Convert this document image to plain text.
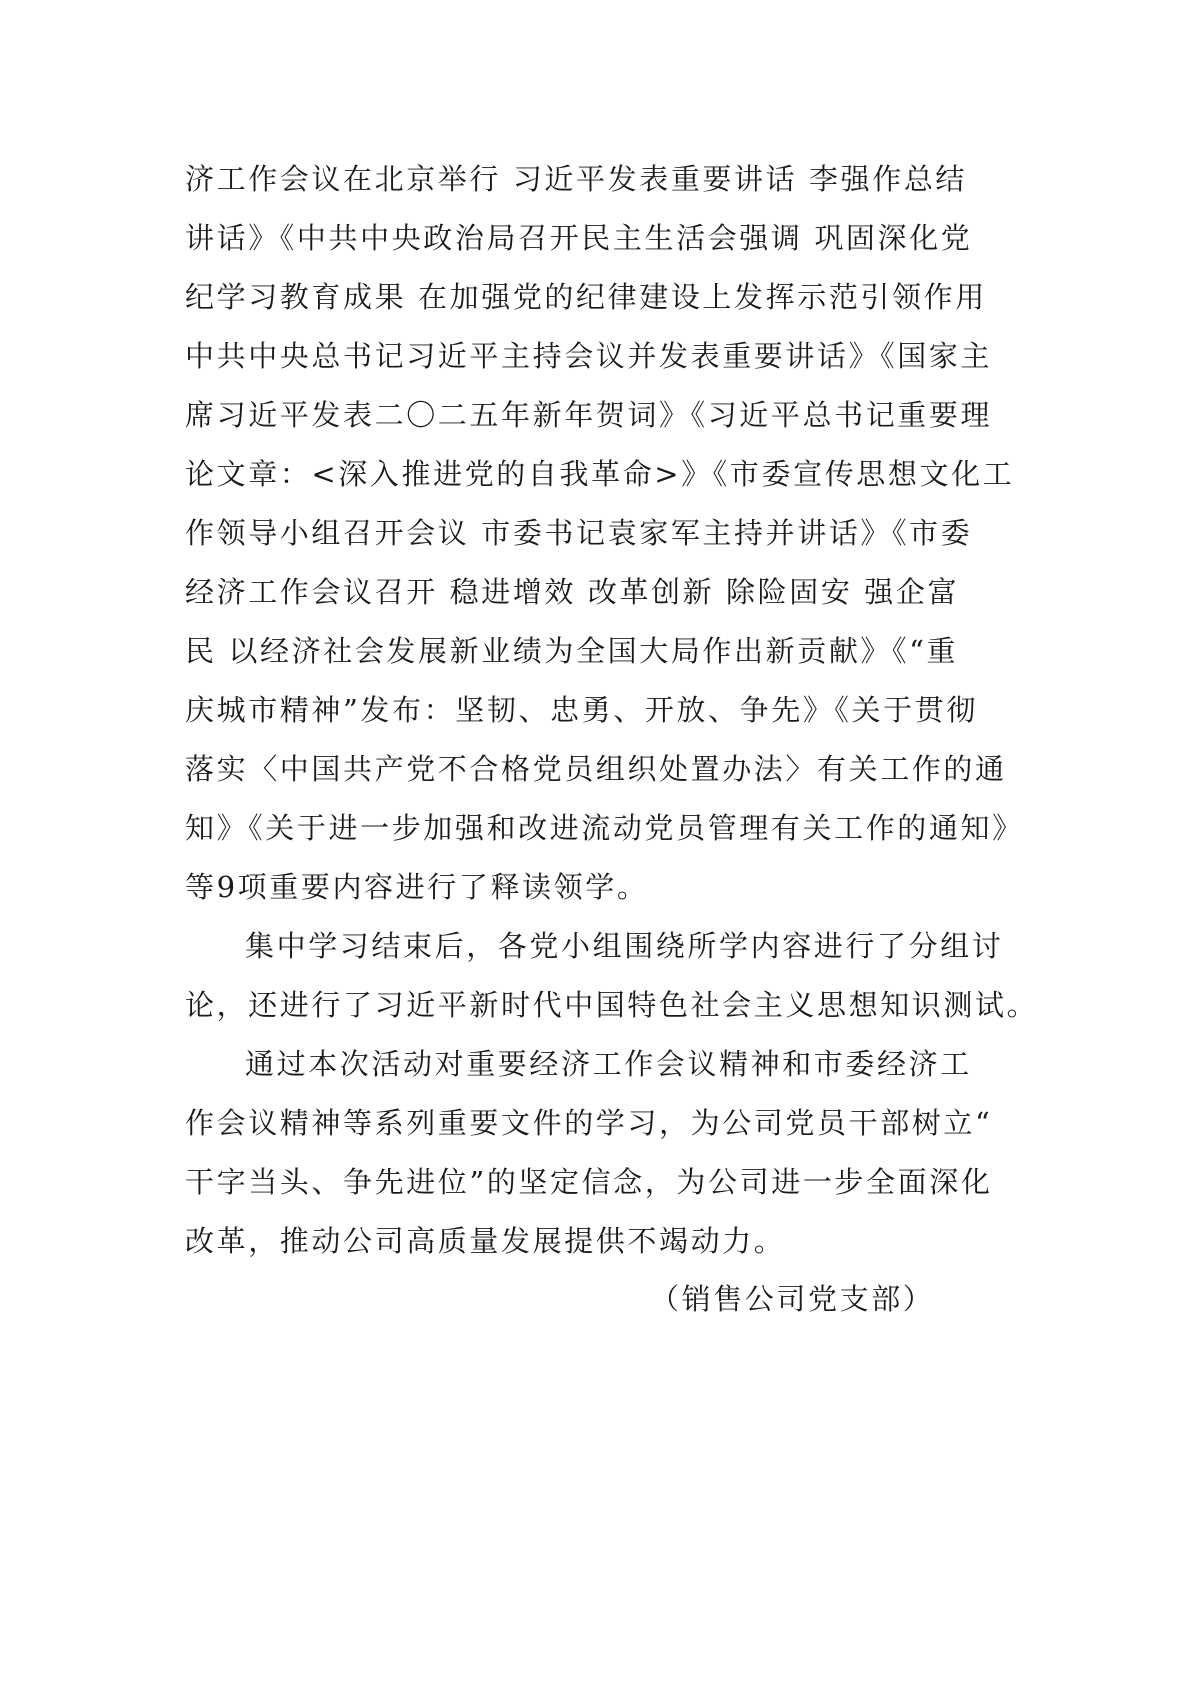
济工作会议在北京举行 习近平发表重要讲话 李强作总结
讲话》《中共中央政治局召开民主生活会强调 巩固深化党
纪学习教育成果 在加强党的纪律建设上发挥示范引领作用
中共中央总书记习近平主持会议并发表重要讲话》《国家主
席习近平发表二〇二五年新年贺词》《习近平总书记重要理
论文章：<深入推进党的自我革命>》《市委宣传思想文化工
作领导小组召开会议 市委书记袁家军主持并讲话》《市委
经济工作会议召开 稳进增效 改革创新 除险固安 强企富
民 以经济社会发展新业绩为全国大局作出新贡献》《“重
庆城市精神”发布：坚韧、忠勇、开放、争先》《关于贯彻
落实〈中国共产党不合格党员组织处置办法〉有关工作的通
知》《关于进一步加强和改进流动党员管理有关工作的通知》
等9项重要内容进行了释读领学。
集中学习结束后，各党小组围绕所学内容进行了分组讨
论，还进行了习近平新时代中国特色社会主义思想知识测试。
通过本次活动对重要经济工作会议精神和市委经济工
作会议精神等系列重要文件的学习，为公司党员干部树立“
干字当头、争先进位”的坚定信念，为公司进一步全面深化
改革，推动公司高质量发展提供不竭动力。
（销售公司党支部）
